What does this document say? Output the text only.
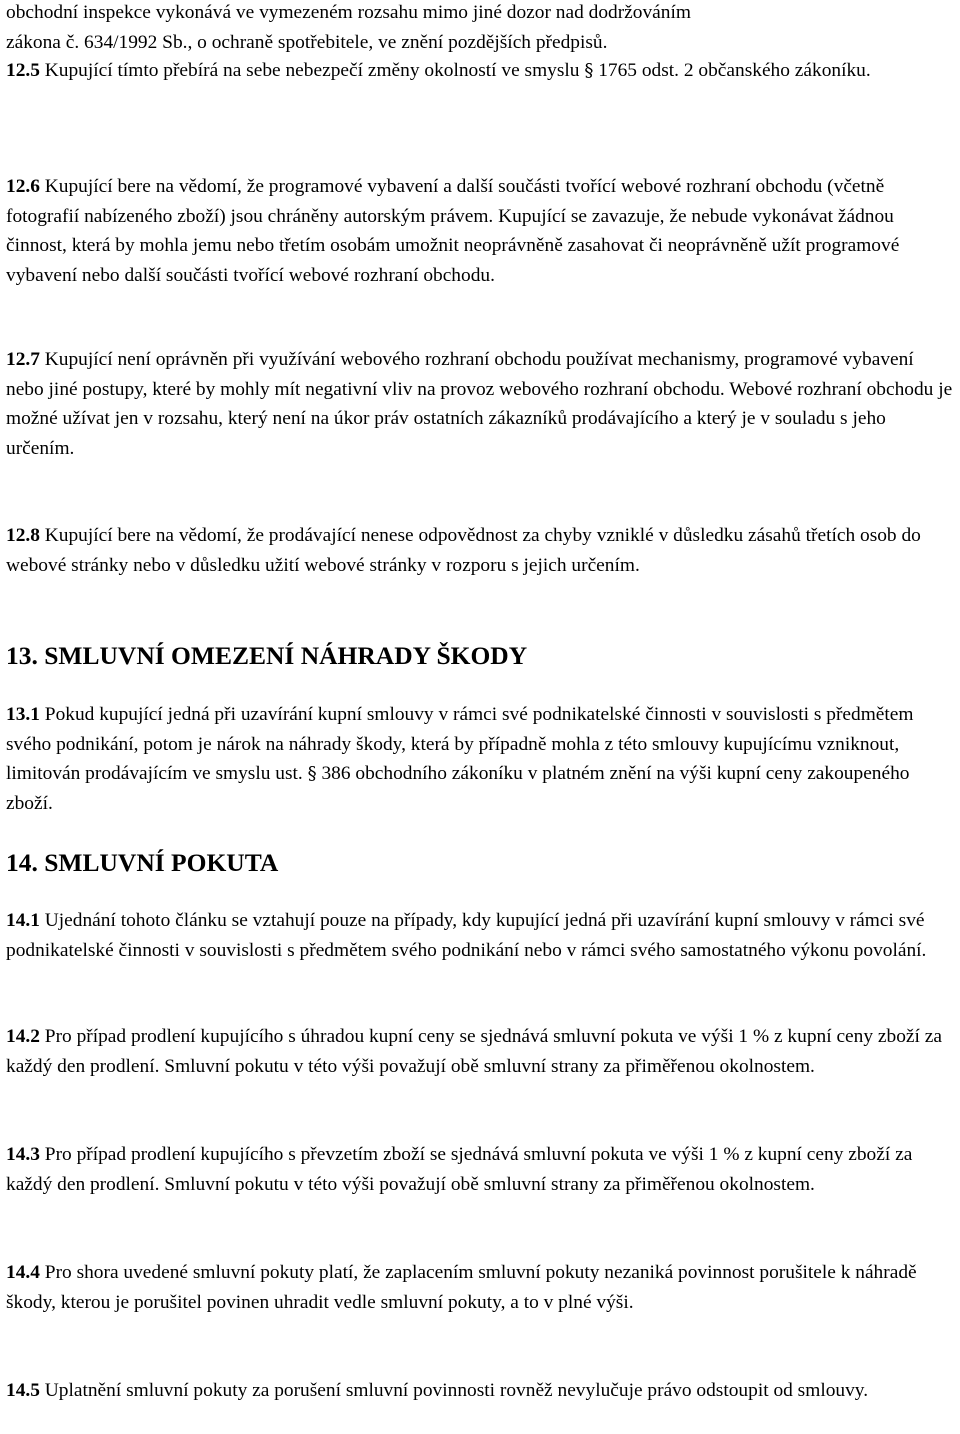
obchodní inspekce vykonává ve vymezeném rozsahu mimo jiné dozor nad dodržováním
zákona č. 634/1992 Sb., o ochraně spotřebitele, ve znění pozdějších předpisů.

12.5 Kupující tímto přebírá na sebe nebezpečí změny okolností ve smyslu § 1765 odst. 2 občanského zákoníku.

12.6 Kupující bere na vědomí, že programové vybavení a další součásti tvořící webové rozhraní obchodu (včetně fotografií nabízeného zboží) jsou chráněny autorským právem. Kupující se zavazuje, že nebude vykonávat žádnou činnost, která by mohla jemu nebo třetím osobám umožnit neoprávněně zasahovat či neoprávněně užít programové vybavení nebo další součásti tvořící webové rozhraní obchodu.

12.7 Kupující není oprávněn při využívání webového rozhraní obchodu používat mechanismy, programové vybavení nebo jiné postupy, které by mohly mít negativní vliv na provoz webového rozhraní obchodu. Webové rozhraní obchodu je možné užívat jen v rozsahu, který není na úkor práv ostatních zákazníků prodávajícího a který je v souladu s jeho určením.

12.8 Kupující bere na vědomí, že prodávající nenese odpovědnost za chyby vzniklé v důsledku zásahů třetích osob do webové stránky nebo v důsledku užití webové stránky v rozporu s jejich určením.

13. SMLUVNÍ OMEZENÍ NÁHRADY ŠKODY

13.1 Pokud kupující jedná při uzavírání kupní smlouvy v rámci své podnikatelské činnosti v souvislosti s předmětem svého podnikání, potom je nárok na náhrady škody, která by případně mohla z této smlouvy kupujícímu vzniknout, limitován prodávajícím ve smyslu ust. § 386 obchodního zákoníku v platném znění na výši kupní ceny zakoupeného zboží.

14. SMLUVNÍ POKUTA

14.1 Ujednání tohoto článku se vztahují pouze na případy, kdy kupující jedná při uzavírání kupní smlouvy v rámci své podnikatelské činnosti v souvislosti s předmětem svého podnikání nebo v rámci svého samostatného výkonu povolání.

14.2 Pro případ prodlení kupujícího s úhradou kupní ceny se sjednává smluvní pokuta ve výši 1 % z kupní ceny zboží za každý den prodlení. Smluvní pokutu v této výši považují obě smluvní strany za přiměřenou okolnostem.

14.3 Pro případ prodlení kupujícího s převzetím zboží se sjednává smluvní pokuta ve výši 1 % z kupní ceny zboží za každý den prodlení. Smluvní pokutu v této výši považují obě smluvní strany za přiměřenou okolnostem.

14.4 Pro shora uvedené smluvní pokuty platí, že zaplacením smluvní pokuty nezaniká povinnost porušitele k náhradě škody, kterou je porušitel povinen uhradit vedle smluvní pokuty, a to v plné výši.

14.5 Uplatnění smluvní pokuty za porušení smluvní povinnosti rovněž nevylučuje právo odstoupit od smlouvy.
